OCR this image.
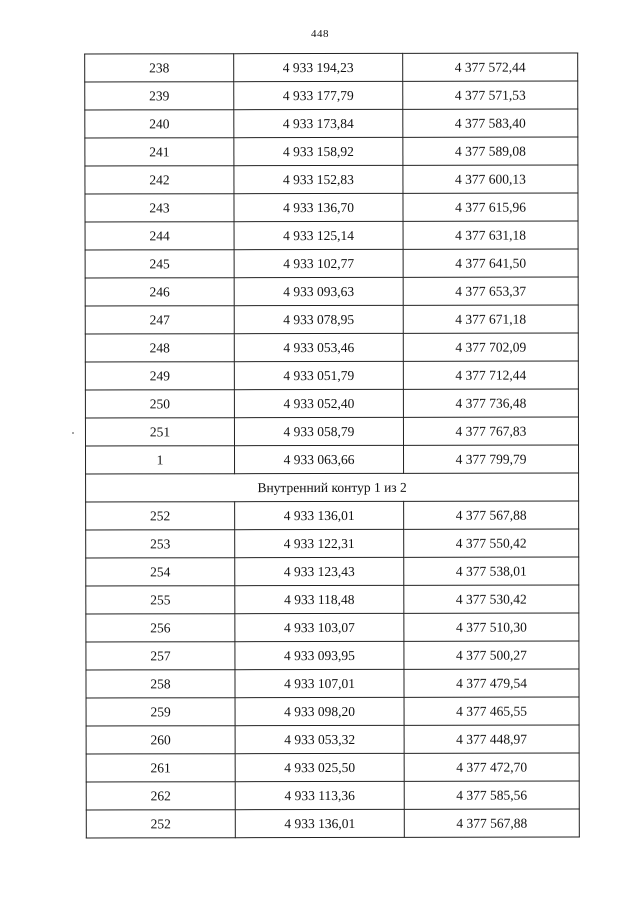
448
238	4 933 194,23	4 377 572,44
239	4 933 177,79	4 377 571,53
240	4 933 173,84	4 377 583,40
241	4 933 158,92	4 377 589,08
242	4 933 152,83	4 377 600,13
243	4 933 136,70	4 377 615,96
244	4 933 125,14	4 377 631,18
245	4 933 102,77	4 377 641,50
246	4 933 093,63	4 377 653,37
247	4 933 078,95	4 377 671,18
248	4 933 053,46	4 377 702,09
249	4 933 051,79	4 377 712,44
250	4 933 052,40	4 377 736,48
251	4 933 058,79	4 377 767,83
1	4 933 063,66	4 377 799,79
Внутренний контур 1 из 2		
252	4 933 136,01	4 377 567,88
253	4 933 122,31	4 377 550,42
254	4 933 123,43	4 377 538,01
255	4 933 118,48	4 377 530,42
256	4 933 103,07	4 377 510,30
257	4 933 093,95	4 377 500,27
258	4 933 107,01	4 377 479,54
259	4 933 098,20	4 377 465,55
260	4 933 053,32	4 377 448,97
261	4 933 025,50	4 377 472,70
262	4 933 113,36	4 377 585,56
252	4 933 136,01	4 377 567,88
